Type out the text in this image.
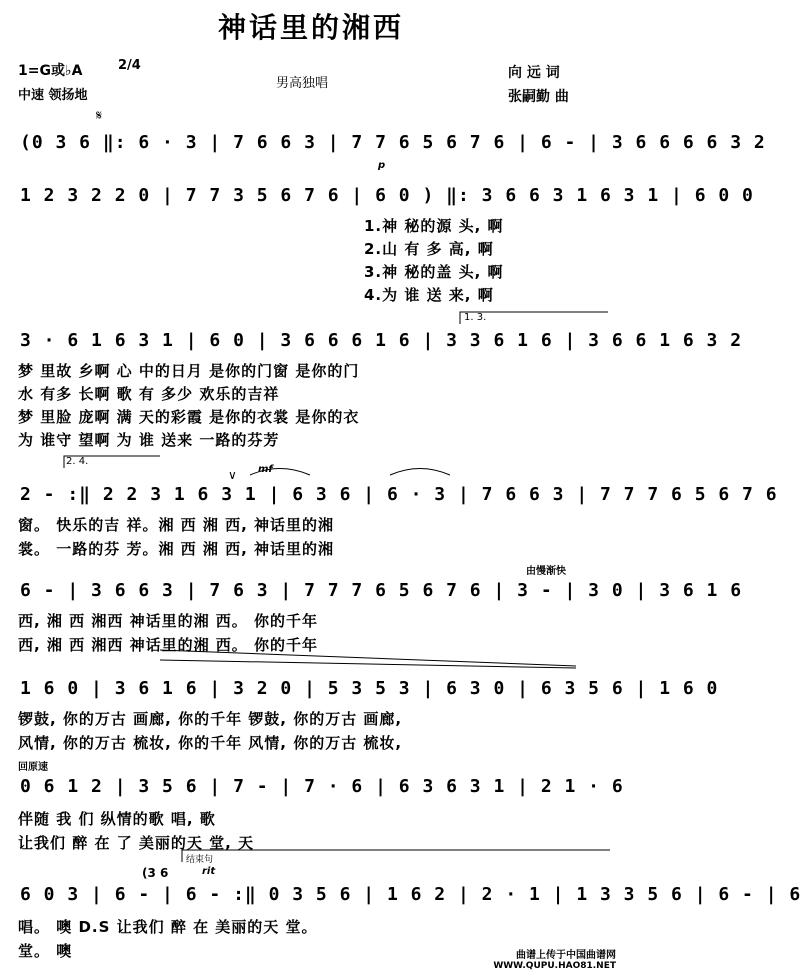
神话里的湘西
1=G或♭A	2/4
中速 领扬地
男高独唱
向 远 词
张嗣勤 曲
(0 3 6 ‖: 6 · 3 | 7 6 6 3 | 7 7 6 5 6 7 6 | 6 - | 3 6 6 6 6 3 2
1 2 3 2 2 0 | 7 7 3 5 6 7 6 | 6 0 ) ‖: 3 6 6 3 1 6 3 1 | 6 0 0
1.神 秘的源 头, 啊
2.山 有 多 高, 啊
3.神 秘的盖 头, 啊
4.为 谁 送 来, 啊
3 · 6 1 6 3 1 | 6 0 | 3 6 6 6 1 6 | 3 3 6 1 6 | 3 6 6 1 6 3 2
梦 里故 乡啊 心 中的日月 是你的门窗 是你的门
水 有多 长啊 歌 有 多少 欢乐的吉祥
梦 里脸 庞啊 满 天的彩霞 是你的衣裳 是你的衣
为 谁守 望啊 为 谁 送来 一路的芬芳
2 - :‖ 2 2 3 1 6 3 1 | 6 3 6 | 6 · 3 | 7 6 6 3 | 7 7 7 6 5 6 7 6
窗。 快乐的吉 祥。湘 西 湘 西, 神话里的湘
裳。 一路的芬 芳。湘 西 湘 西, 神话里的湘
6 - | 3 6 6 3 | 7 6 3 | 7 7 7 6 5 6 7 6 | 3 - | 3 0 | 3 6 1 6
西, 湘 西 湘西 神话里的湘 西。 你的千年
西, 湘 西 湘西 神话里的湘 西。 你的千年
1 6 0 | 3 6 1 6 | 3 2 0 | 5 3 5 3 | 6 3 0 | 6 3 5 6 | 1 6 0
锣鼓, 你的万古 画廊, 你的千年 锣鼓, 你的万古 画廊,
风情, 你的万古 梳妆, 你的千年 风情, 你的万古 梳妆,
0 6 1 2 | 3 5 6 | 7 - | 7 · 6 | 6 3 6 3 1 | 2 1 · 6
伴随 我 们 纵情的歌 唱, 歌
让我们 醉 在 了 美丽的天 堂, 天
6 0 3 | 6 - | 6 - :‖ 0 3 5 6 | 1 6 2 | 2 · 1 | 1 3 3 5 6 | 6 - | 6
唱。 噢 D.S 让我们 醉 在 美丽的天 堂。
堂。 噢
p
mf
𝄋
1. 3.
2. 4.
由慢渐快
回原速
rit
结束句
∨
(3 6
曲谱上传于中国曲谱网
WWW.QUPU.HAO81.NET
